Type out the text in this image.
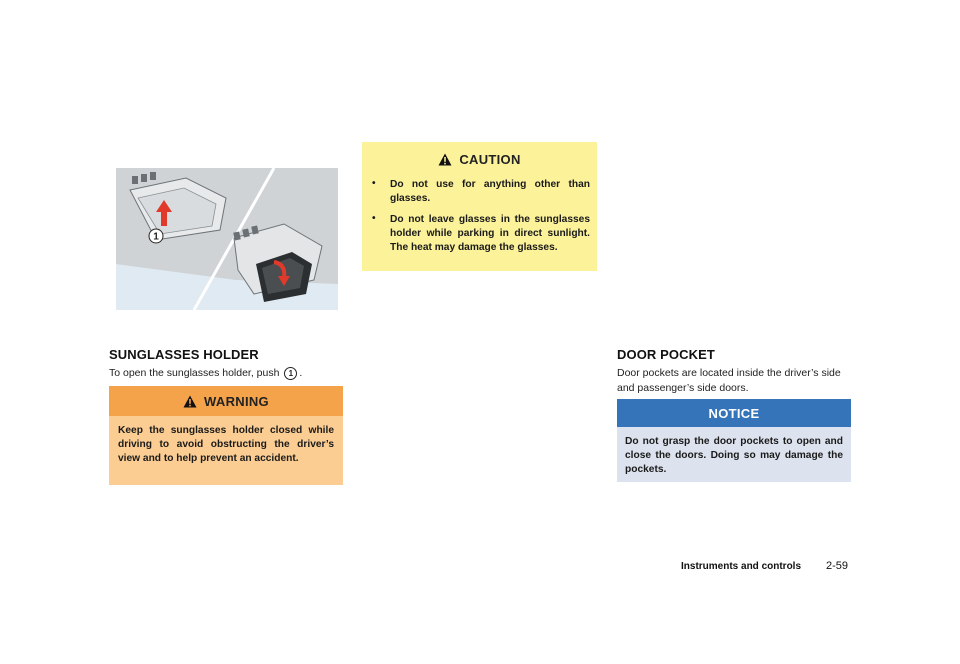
1
SUNGLASSES HOLDER
To open the sunglasses holder, push 1 .
WARNING
Keep the sunglasses holder closed while driving to avoid obstructing the driver’s view and to help prevent an accident.
CAUTION
• Do not use for anything other than glasses.
• Do not leave glasses in the sunglasses holder while parking in direct sunlight. The heat may damage the glasses.
DOOR POCKET
Door pockets are located inside the driver’s side and passenger’s side doors.
NOTICE
Do not grasp the door pockets to open and close the doors. Doing so may damage the pockets.
Instruments and controls 2-59
